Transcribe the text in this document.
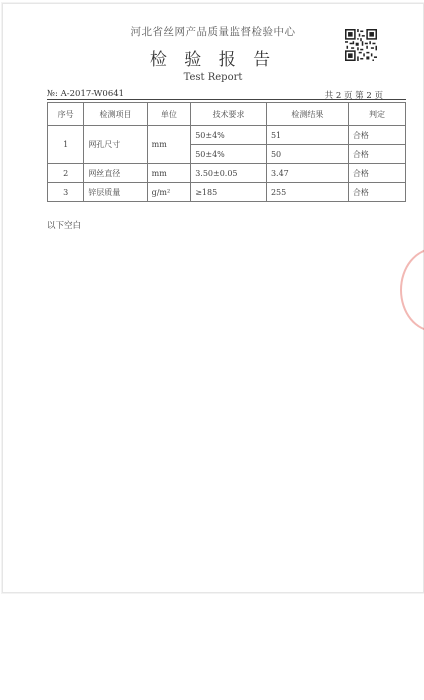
河北省丝网产品质量监督检验中心
检 验 报 告
Test Report
№: A-2017-W0641	共 2 页 第 2 页
序号	检测项目	单位	技术要求	检测结果	判定
1	网孔尺寸	mm	50±4%	51	合格
			50±4%	50	合格
2	网丝直径	mm	3.50±0.05	3.47	合格
3	锌层质量	g/m²	≥185	255	合格
以下空白
